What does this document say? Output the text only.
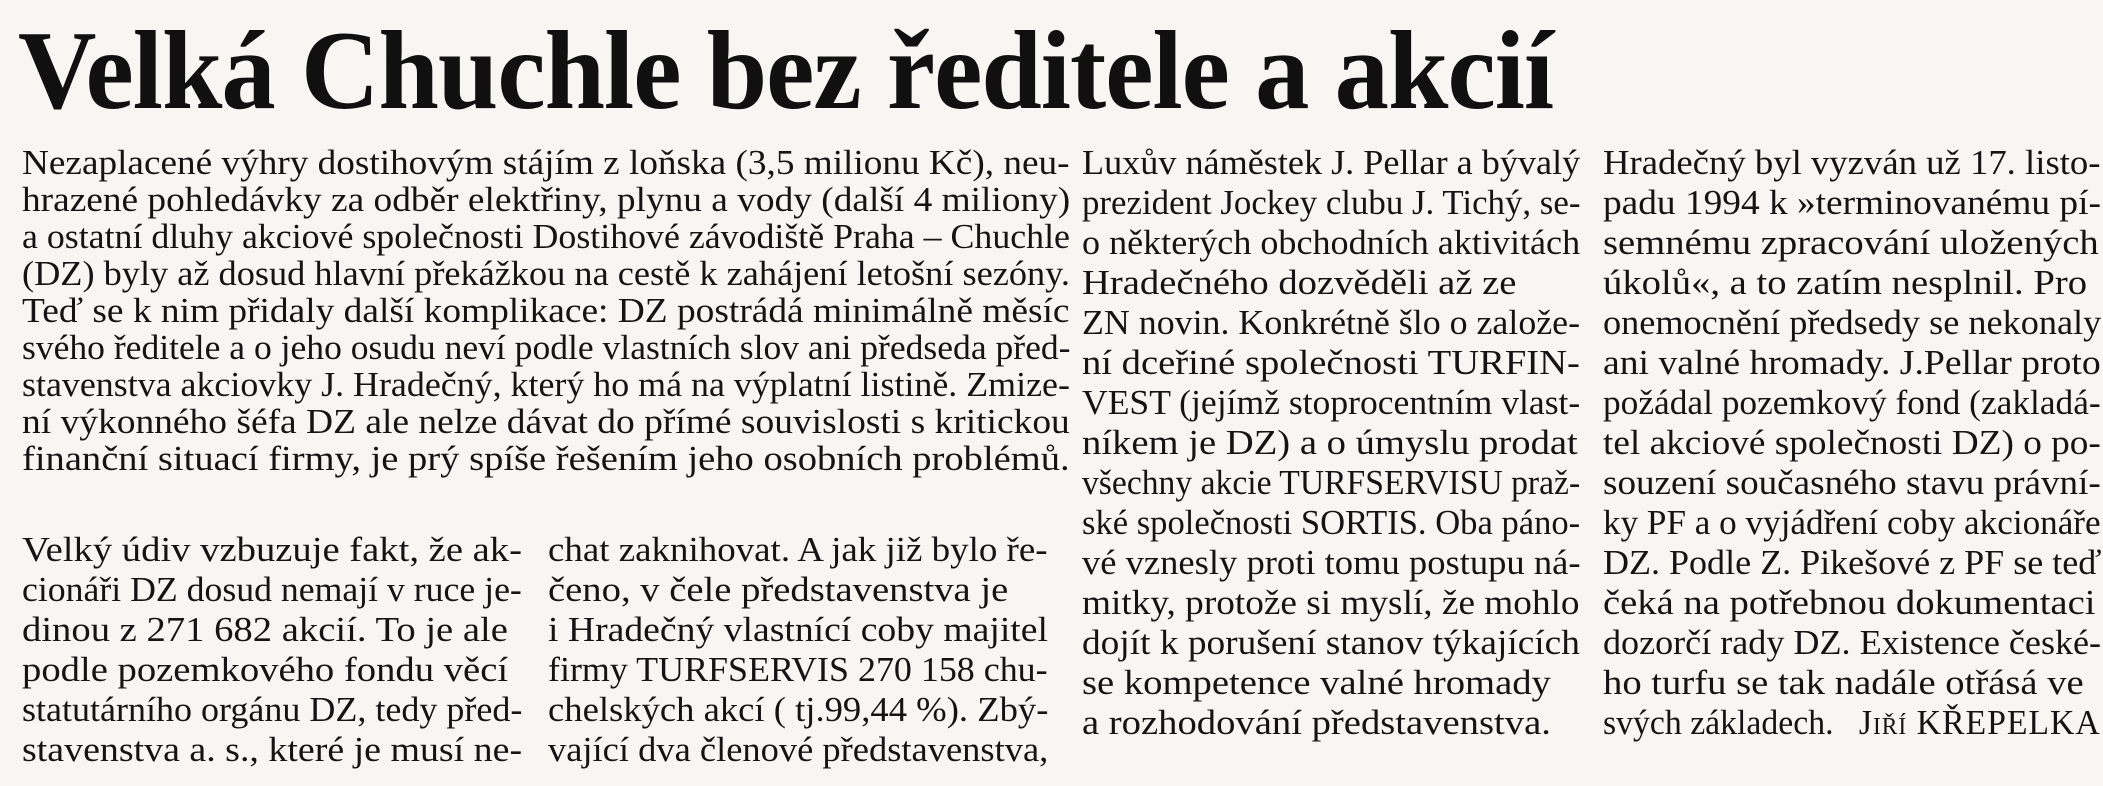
Velká Chuchle bez ředitele a akcií

Nezaplacené výhry dostihovým stájím z loňska (3,5 milionu Kč), neu-

hrazené pohledávky za odběr elektřiny, plynu a vody (další 4 miliony)

a ostatní dluhy akciové společnosti Dostihové závodiště Praha – Chuchle

(DZ) byly až dosud hlavní překážkou na cestě k zahájení letošní sezóny.

Teď se k nim přidaly další komplikace: DZ postrádá minimálně měsíc

svého ředitele a o jeho osudu neví podle vlastních slov ani předseda před-

stavenstva akciovky J. Hradečný, který ho má na výplatní listině. Zmize-

ní výkonného šéfa DZ ale nelze dávat do přímé souvislosti s kritickou

finanční situací firmy, je prý spíše řešením jeho osobních problémů.

Velký údiv vzbuzuje fakt, že ak-

cionáři DZ dosud nemají v ruce je-

dinou z 271 682 akcií. To je ale

podle pozemkového fondu věcí

statutárního orgánu DZ, tedy před-

stavenstva a. s., které je musí ne-

chat zaknihovat. A jak již bylo ře-

čeno, v čele představenstva je

i Hradečný vlastnící coby majitel

firmy TURFSERVIS 270 158 chu-

chelských akcí ( tj.99,44 %). Zbý-

vající dva členové představenstva,

Luxův náměstek J. Pellar a bývalý

prezident Jockey clubu J. Tichý, se-

o některých obchodních aktivitách

Hradečného dozvěděli až ze

ZN novin. Konkrétně šlo o založe-

ní dceřiné společnosti TURFIN-

VEST (jejímž stoprocentním vlast-

níkem je DZ) a o úmyslu prodat

všechny akcie TURFSERVISU praž-

ské společnosti SORTIS. Oba páno-

vé vznesly proti tomu postupu ná-

mitky, protože si myslí, že mohlo

dojít k porušení stanov týkajících

se kompetence valné hromady

a rozhodování představenstva.

Hradečný byl vyzván už 17. listo-

padu 1994 k »terminovanému pí-

semnému zpracování uložených

úkolů«, a to zatím nesplnil. Pro

onemocnění předsedy se nekonaly

ani valné hromady. J.Pellar proto

požádal pozemkový fond (zakladá-

tel akciové společnosti DZ) o po-

souzení současného stavu právní-

ky PF a o vyjádření coby akcionáře

DZ. Podle Z. Pikešové z PF se teď

čeká na potřebnou dokumentaci

dozorčí rady DZ. Existence české-

ho turfu se tak nadále otřásá ve

svých základech. Jiří KŘEPELKA
